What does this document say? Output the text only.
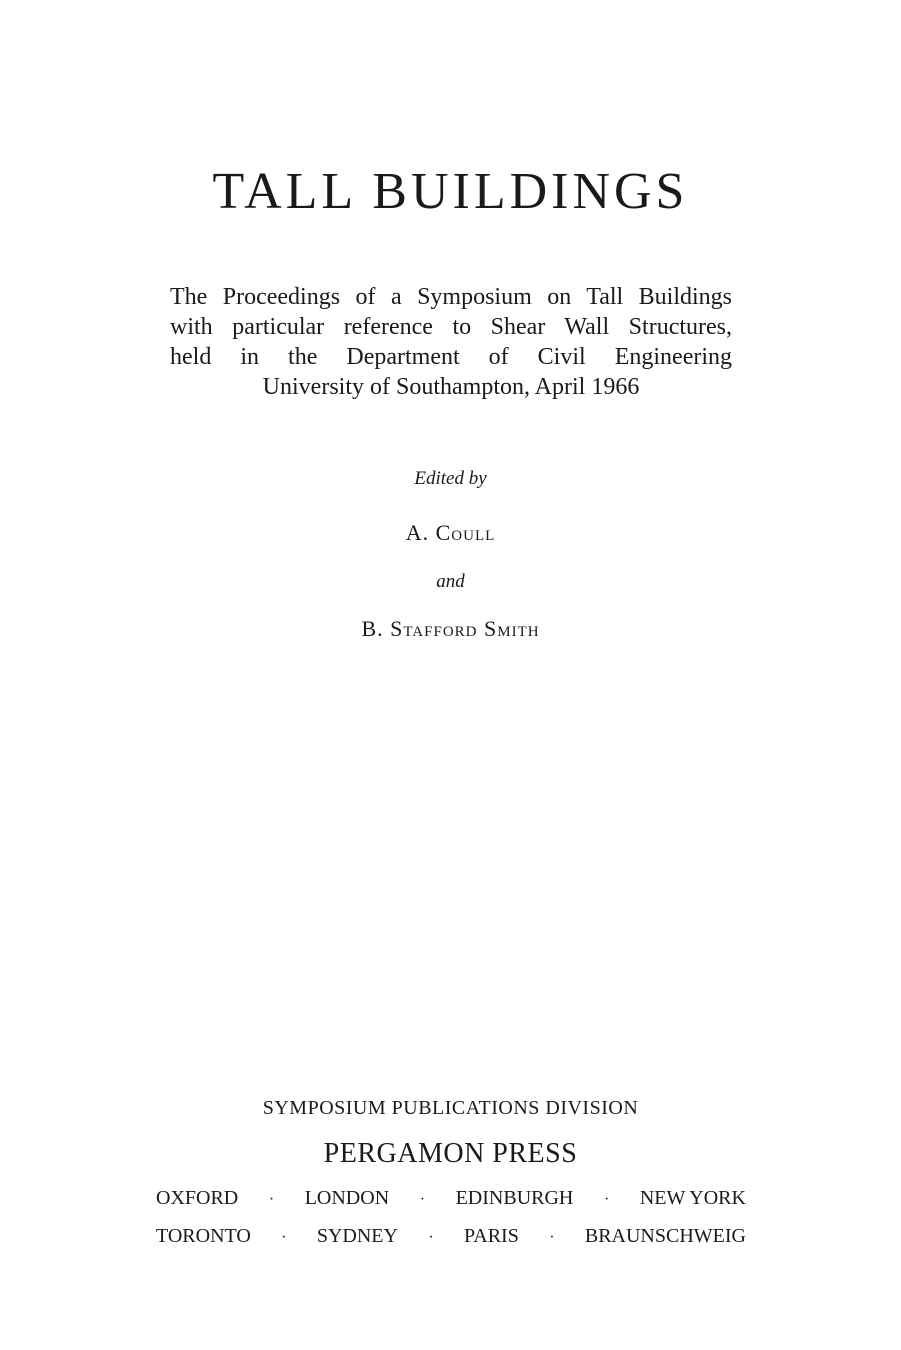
TALL BUILDINGS
The Proceedings of a Symposium on Tall Buildings
with particular reference to Shear Wall Structures,
held in the Department of Civil Engineering
University of Southampton, April 1966
Edited by
A. Coull
and
B. Stafford Smith
SYMPOSIUM PUBLICATIONS DIVISION
PERGAMON PRESS
OXFORD · LONDON · EDINBURGH · NEW YORK
TORONTO · SYDNEY · PARIS · BRAUNSCHWEIG
